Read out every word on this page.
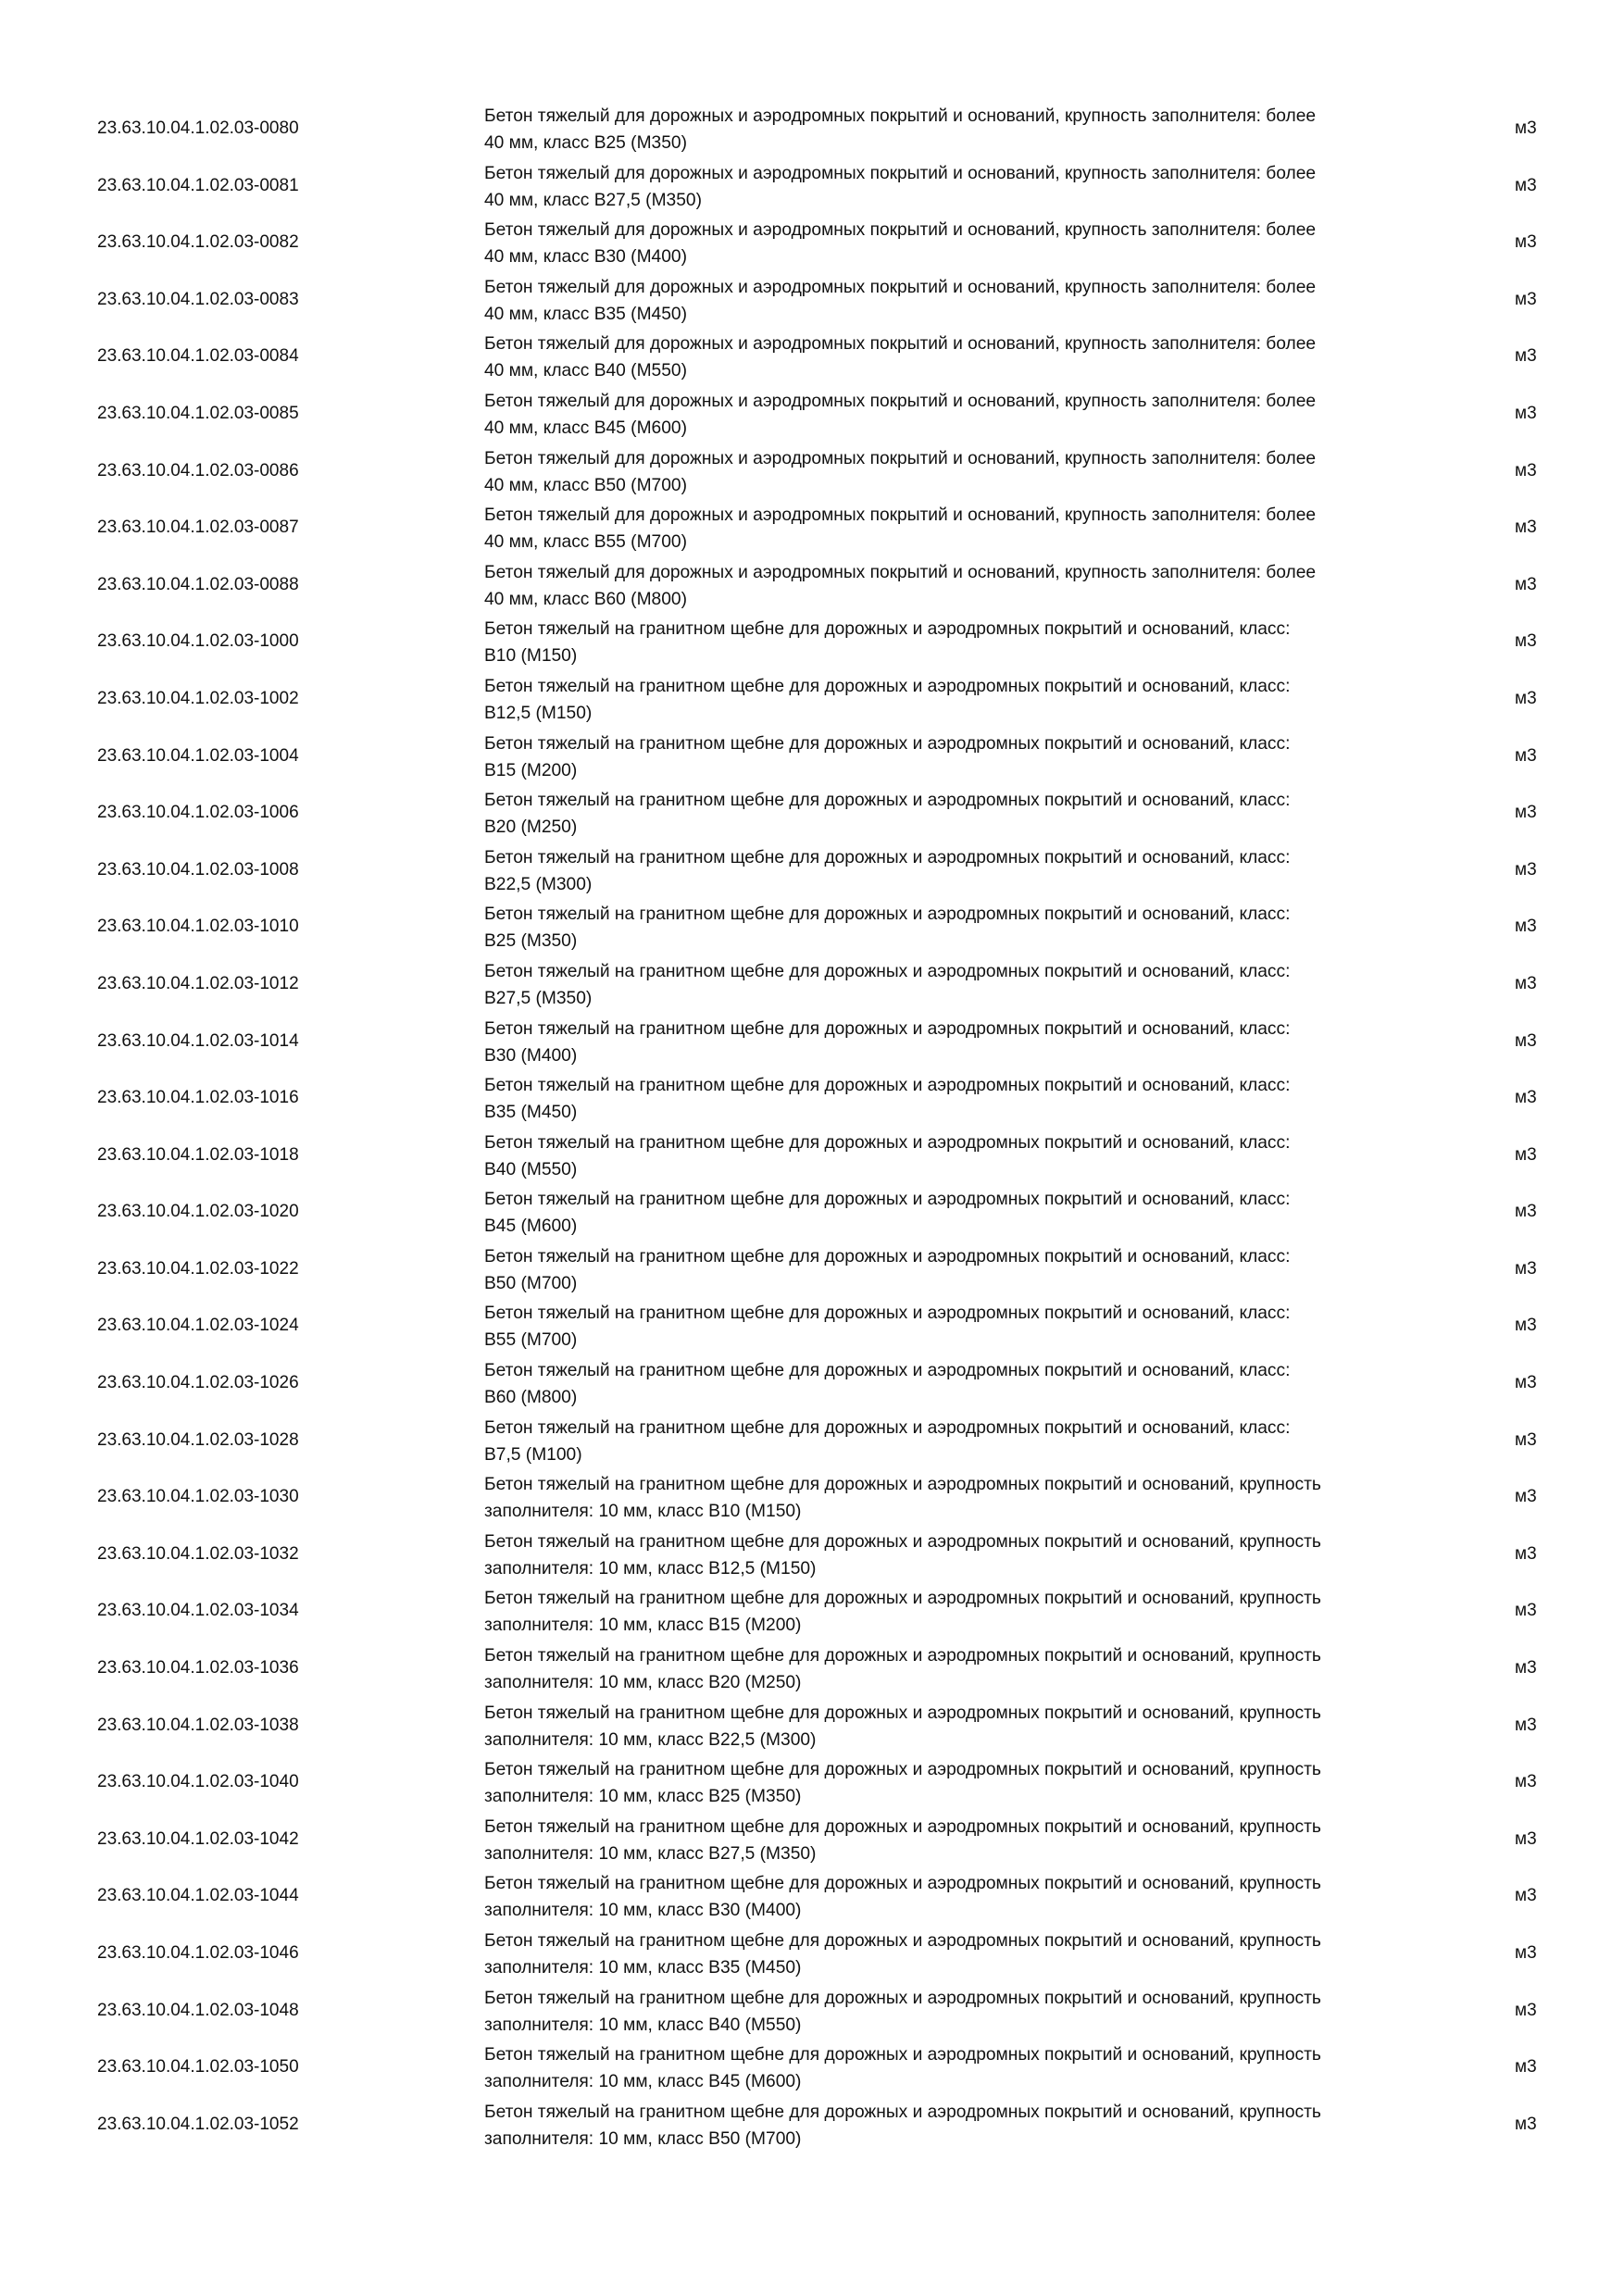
23.63.10.04.1.02.03-0080
Бетон тяжелый для дорожных и аэродромных покрытий и оснований, крупность заполнителя: более
40 мм, класс В25 (М350)
м3
23.63.10.04.1.02.03-0081
Бетон тяжелый для дорожных и аэродромных покрытий и оснований, крупность заполнителя: более
40 мм, класс В27,5 (М350)
м3
23.63.10.04.1.02.03-0082
Бетон тяжелый для дорожных и аэродромных покрытий и оснований, крупность заполнителя: более
40 мм, класс В30 (М400)
м3
23.63.10.04.1.02.03-0083
Бетон тяжелый для дорожных и аэродромных покрытий и оснований, крупность заполнителя: более
40 мм, класс В35 (М450)
м3
23.63.10.04.1.02.03-0084
Бетон тяжелый для дорожных и аэродромных покрытий и оснований, крупность заполнителя: более
40 мм, класс В40 (М550)
м3
23.63.10.04.1.02.03-0085
Бетон тяжелый для дорожных и аэродромных покрытий и оснований, крупность заполнителя: более
40 мм, класс В45 (М600)
м3
23.63.10.04.1.02.03-0086
Бетон тяжелый для дорожных и аэродромных покрытий и оснований, крупность заполнителя: более
40 мм, класс В50 (М700)
м3
23.63.10.04.1.02.03-0087
Бетон тяжелый для дорожных и аэродромных покрытий и оснований, крупность заполнителя: более
40 мм, класс В55 (М700)
м3
23.63.10.04.1.02.03-0088
Бетон тяжелый для дорожных и аэродромных покрытий и оснований, крупность заполнителя: более
40 мм, класс В60 (М800)
м3
23.63.10.04.1.02.03-1000
Бетон тяжелый на гранитном щебне для дорожных и аэродромных покрытий и оснований, класс:
В10 (М150)
м3
23.63.10.04.1.02.03-1002
Бетон тяжелый на гранитном щебне для дорожных и аэродромных покрытий и оснований, класс:
В12,5 (М150)
м3
23.63.10.04.1.02.03-1004
Бетон тяжелый на гранитном щебне для дорожных и аэродромных покрытий и оснований, класс:
В15 (М200)
м3
23.63.10.04.1.02.03-1006
Бетон тяжелый на гранитном щебне для дорожных и аэродромных покрытий и оснований, класс:
В20 (М250)
м3
23.63.10.04.1.02.03-1008
Бетон тяжелый на гранитном щебне для дорожных и аэродромных покрытий и оснований, класс:
В22,5 (М300)
м3
23.63.10.04.1.02.03-1010
Бетон тяжелый на гранитном щебне для дорожных и аэродромных покрытий и оснований, класс:
В25 (М350)
м3
23.63.10.04.1.02.03-1012
Бетон тяжелый на гранитном щебне для дорожных и аэродромных покрытий и оснований, класс:
В27,5 (М350)
м3
23.63.10.04.1.02.03-1014
Бетон тяжелый на гранитном щебне для дорожных и аэродромных покрытий и оснований, класс:
В30 (М400)
м3
23.63.10.04.1.02.03-1016
Бетон тяжелый на гранитном щебне для дорожных и аэродромных покрытий и оснований, класс:
В35 (М450)
м3
23.63.10.04.1.02.03-1018
Бетон тяжелый на гранитном щебне для дорожных и аэродромных покрытий и оснований, класс:
В40 (М550)
м3
23.63.10.04.1.02.03-1020
Бетон тяжелый на гранитном щебне для дорожных и аэродромных покрытий и оснований, класс:
В45 (М600)
м3
23.63.10.04.1.02.03-1022
Бетон тяжелый на гранитном щебне для дорожных и аэродромных покрытий и оснований, класс:
В50 (М700)
м3
23.63.10.04.1.02.03-1024
Бетон тяжелый на гранитном щебне для дорожных и аэродромных покрытий и оснований, класс:
В55 (М700)
м3
23.63.10.04.1.02.03-1026
Бетон тяжелый на гранитном щебне для дорожных и аэродромных покрытий и оснований, класс:
В60 (М800)
м3
23.63.10.04.1.02.03-1028
Бетон тяжелый на гранитном щебне для дорожных и аэродромных покрытий и оснований, класс:
В7,5 (М100)
м3
23.63.10.04.1.02.03-1030
Бетон тяжелый на гранитном щебне для дорожных и аэродромных покрытий и оснований, крупность
заполнителя: 10 мм, класс В10 (М150)
м3
23.63.10.04.1.02.03-1032
Бетон тяжелый на гранитном щебне для дорожных и аэродромных покрытий и оснований, крупность
заполнителя: 10 мм, класс В12,5 (М150)
м3
23.63.10.04.1.02.03-1034
Бетон тяжелый на гранитном щебне для дорожных и аэродромных покрытий и оснований, крупность
заполнителя: 10 мм, класс В15 (М200)
м3
23.63.10.04.1.02.03-1036
Бетон тяжелый на гранитном щебне для дорожных и аэродромных покрытий и оснований, крупность
заполнителя: 10 мм, класс В20 (М250)
м3
23.63.10.04.1.02.03-1038
Бетон тяжелый на гранитном щебне для дорожных и аэродромных покрытий и оснований, крупность
заполнителя: 10 мм, класс В22,5 (М300)
м3
23.63.10.04.1.02.03-1040
Бетон тяжелый на гранитном щебне для дорожных и аэродромных покрытий и оснований, крупность
заполнителя: 10 мм, класс В25 (М350)
м3
23.63.10.04.1.02.03-1042
Бетон тяжелый на гранитном щебне для дорожных и аэродромных покрытий и оснований, крупность
заполнителя: 10 мм, класс В27,5 (М350)
м3
23.63.10.04.1.02.03-1044
Бетон тяжелый на гранитном щебне для дорожных и аэродромных покрытий и оснований, крупность
заполнителя: 10 мм, класс В30 (М400)
м3
23.63.10.04.1.02.03-1046
Бетон тяжелый на гранитном щебне для дорожных и аэродромных покрытий и оснований, крупность
заполнителя: 10 мм, класс В35 (М450)
м3
23.63.10.04.1.02.03-1048
Бетон тяжелый на гранитном щебне для дорожных и аэродромных покрытий и оснований, крупность
заполнителя: 10 мм, класс В40 (М550)
м3
23.63.10.04.1.02.03-1050
Бетон тяжелый на гранитном щебне для дорожных и аэродромных покрытий и оснований, крупность
заполнителя: 10 мм, класс В45 (М600)
м3
23.63.10.04.1.02.03-1052
Бетон тяжелый на гранитном щебне для дорожных и аэродромных покрытий и оснований, крупность
заполнителя: 10 мм, класс В50 (М700)
м3
